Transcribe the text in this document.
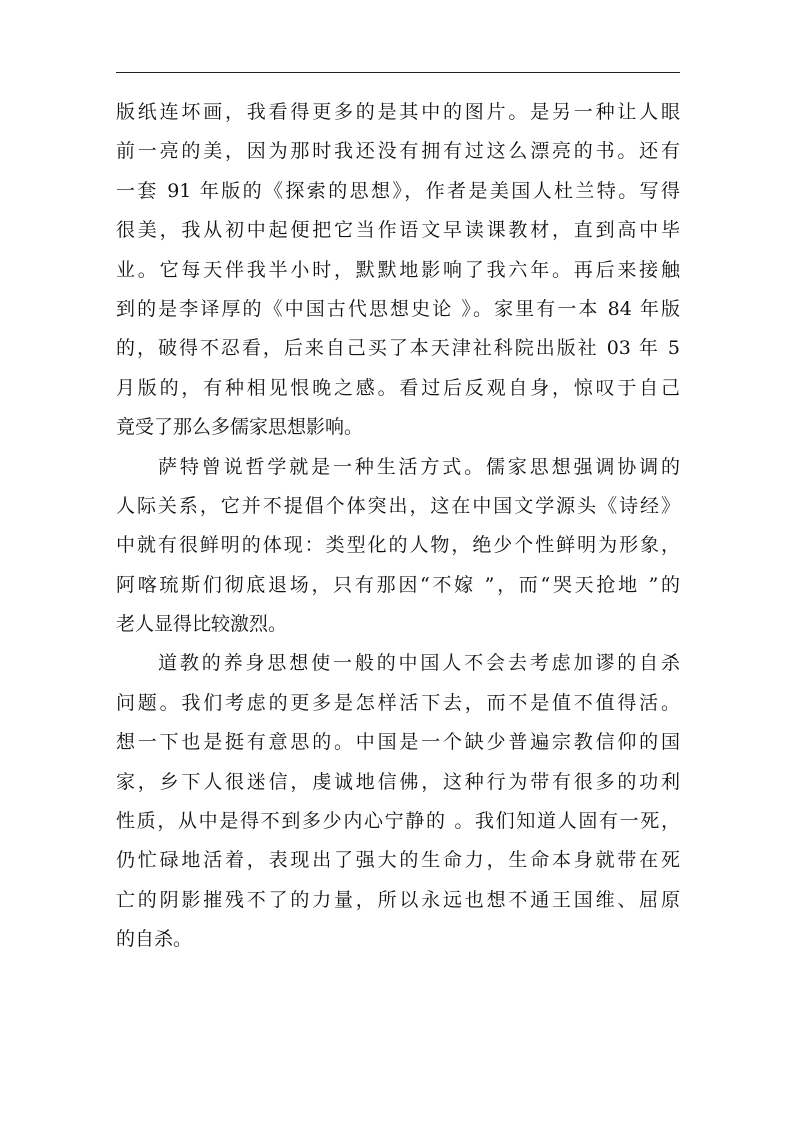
版纸连坏画，我看得更多的是其中的图片。是另一种让人眼
前一亮的美，因为那时我还没有拥有过这么漂亮的书。还有
一套 91 年版的《探索的思想》，作者是美国人杜兰特。写得
很美，我从初中起便把它当作语文早读课教材，直到高中毕
业。它每天伴我半小时，默默地影响了我六年。再后来接触
到的是李译厚的《中国古代思想史论 》。家里有一本 84 年版
的，破得不忍看，后来自己买了本天津社科院出版社 03 年 5
月版的，有种相见恨晚之感。看过后反观自身，惊叹于自己
竟受了那么多儒家思想影响。
萨特曾说哲学就是一种生活方式。儒家思想强调协调的
人际关系，它并不提倡个体突出，这在中国文学源头《诗经》
中就有很鲜明的体现：类型化的人物，绝少个性鲜明为形象，
阿喀琉斯们彻底退场，只有那因“不嫁 ”，而“哭天抢地 ”的
老人显得比较激烈。
道教的养身思想使一般的中国人不会去考虑加谬的自杀
问题。我们考虑的更多是怎样活下去，而不是值不值得活。
想一下也是挺有意思的。中国是一个缺少普遍宗教信仰的国
家，乡下人很迷信，虔诚地信佛，这种行为带有很多的功利
性质，从中是得不到多少内心宁静的 。我们知道人固有一死，
仍忙碌地活着，表现出了强大的生命力，生命本身就带在死
亡的阴影摧残不了的力量，所以永远也想不通王国维、屈原
的自杀。
